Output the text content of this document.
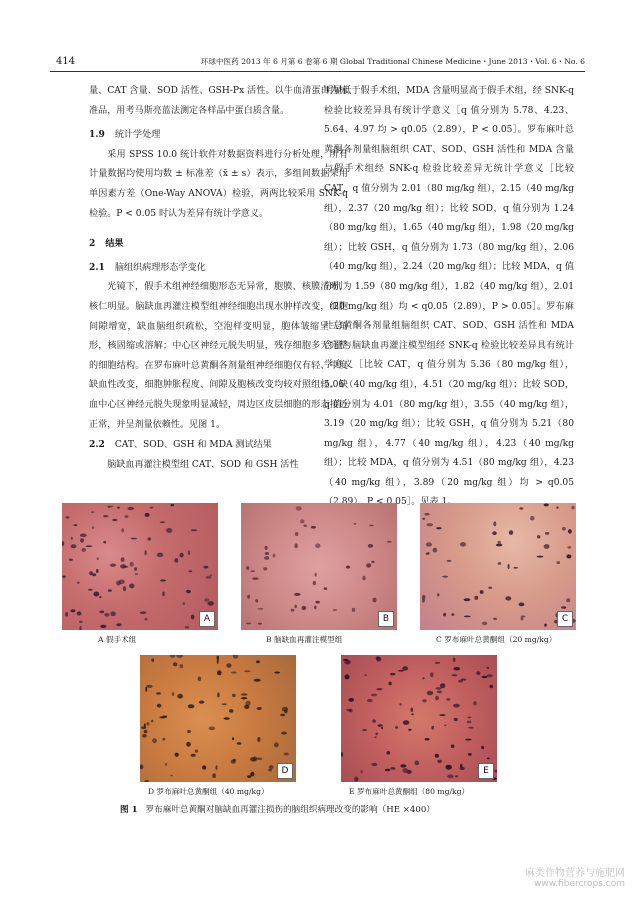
414	环球中医药 2013 年 6 月第 6 卷第 6 期 Global Traditional Chinese Medicine・June 2013・Vol. 6・No. 6

量、CAT 含量、SOD 活性、GSH-Px 活性。以牛血清蛋白为标准品，用考马斯亮蓝法测定各样品中蛋白质含量。

1.9 统计学处理

采用 SPSS 10.0 统计软件对数据资料进行分析处理，所有计量数据均使用均数 ± 标准差（x̄ ± s）表示，多组间数据采用单因素方差（One-Way ANOVA）检验，两两比较采用 SNK-q 检验。P < 0.05 时认为差异有统计学意义。

2 结果
2.1 脑组织病理形态学变化

光镜下，假手术组神经细胞形态无异常，胞膜、核膜清晰，核仁明显。脑缺血再灌注模型组神经细胞出现水肿样改变，细胞间隙增宽，缺血脑组织疏松，空泡样变明显，胞体皱缩呈三角形，核固缩或溶解；中心区神经元脱失明显，残存细胞多无完整的细胞结构。在罗布麻叶总黄酮各剂量组神经细胞仅有轻、中度缺血性改变，细胞肿胀程度、间隙及胞核改变均较对照组轻。缺血中心区神经元脱失现象明显减轻，周边区皮层细胞的形态接近正常，并呈剂量依赖性。见图 1。

2.2 CAT、SOD、GSH 和 MDA 测试结果

脑缺血再灌注模型组 CAT、SOD 和 GSH 活性

明显低于假手术组，MDA 含量明显高于假手术组，经 SNK-q 检验比较差异具有统计学意义［q 值分别为 5.78、4.23、5.64、4.97 均 > q0.05（2.89），P < 0.05］。罗布麻叶总黄酮各剂量组脑组织 CAT、SOD、GSH 活性和 MDA 含量与假手术组经 SNK-q 检验比较差异无统计学意义［比较 CAT，q 值分别为 2.01（80 mg/kg 组），2.15（40 mg/kg 组），2.37（20 mg/kg 组）；比较 SOD，q 值分别为 1.24（80 mg/kg 组），1.65（40 mg/kg 组），1.98（20 mg/kg 组）；比较 GSH，q 值分别为 1.73（80 mg/kg 组），2.06（40 mg/kg 组），2.24（20 mg/kg 组）；比较 MDA，q 值分别为 1.59（80 mg/kg 组），1.82（40 mg/kg 组），2.01（20 mg/kg 组）均 < q0.05（2.89），P > 0.05］。罗布麻叶总黄酮各剂量组脑组织 CAT、SOD、GSH 活性和 MDA 含量与脑缺血再灌注模型组经 SNK-q 检验比较差异具有统计学意义［比较 CAT，q 值分别为 5.36（80 mg/kg 组），5.06（40 mg/kg 组），4.51（20 mg/kg 组）；比较 SOD，q 值分别为 4.01（80 mg/kg 组），3.55（40 mg/kg 组），3.19（20 mg/kg 组）；比较 GSH，q 值分别为 5.21（80 mg/kg 组），4.77（40 mg/kg 组），4.23（40 mg/kg 组）；比较 MDA，q 值分别为 4.51（80 mg/kg 组），4.23（40 mg/kg 组），3.89（20 mg/kg 组）均 > q0.05 0.05］。见表

A	B	C
A 假手术组	B 脑缺血再灌注模型组	C 罗布麻叶总黄酮组（20 mg/kg）
D	E
D 罗布麻叶总黄酮组（40 mg/kg）	E 罗布麻叶总黄酮组（80 mg/kg）
图 1 罗布麻叶总黄酮对脑缺血再灌注损伤的脑组织病理改变的影响（HE ×400）
麻类作物营养与施肥网
www.fibercrops.com
